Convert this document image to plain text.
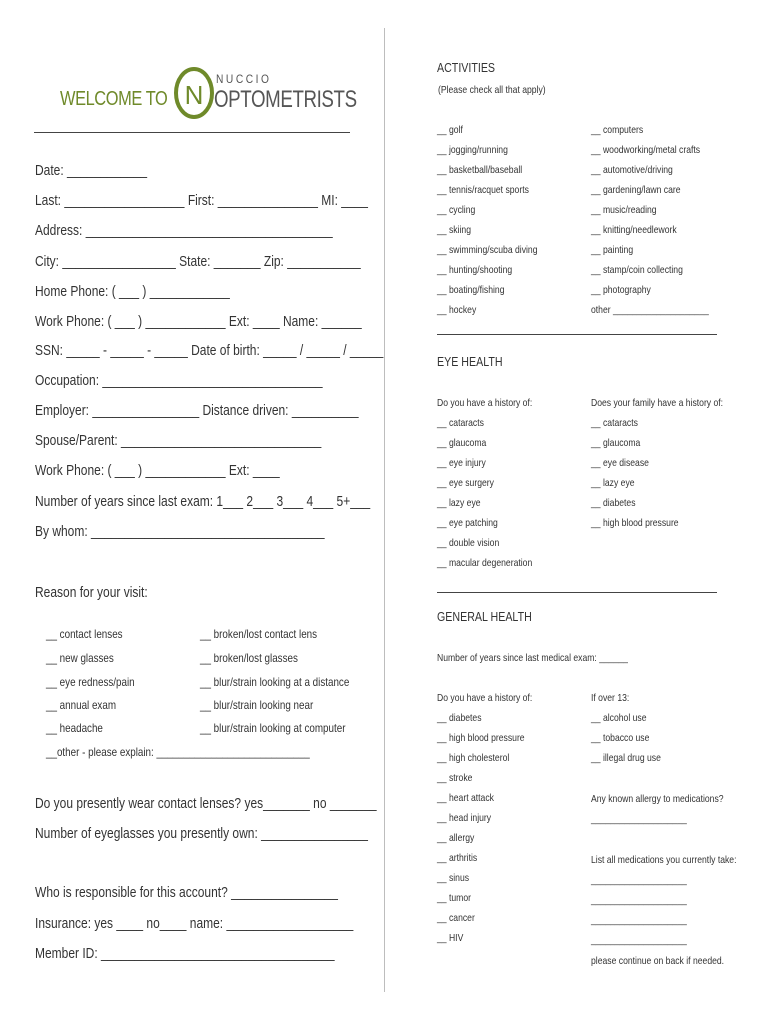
WELCOME TO N
NUCCIO
OPTOMETRISTS
Date: ____________
Last: __________________ First: _______________ MI: ____
Address: _____________________________________
City: _________________ State: _______ Zip: ___________
Home Phone: ( ___ ) ____________
Work Phone: ( ___ ) ____________ Ext: ____ Name: ______
SSN: _____ - _____ - _____ Date of birth: _____ / _____ / _____
Occupation: _________________________________
Employer: ________________ Distance driven: __________
Spouse/Parent: ______________________________
Work Phone: ( ___ ) ____________ Ext: ____
Number of years since last exam: 1___ 2___ 3___ 4___ 5+___
By whom: ___________________________________
Reason for your visit:
__ contact lenses
__ new glasses
__ eye redness/pain
__ annual exam
__ headache
__ broken/lost contact lens
__ broken/lost glasses
__ blur/strain looking at a distance
__ blur/strain looking near
__ blur/strain looking at computer
__other - please explain: ____________________________
Do you presently wear contact lenses? yes_______ no _______
Number of eyeglasses you presently own: ________________
Who is responsible for this account? ________________
Insurance: yes ____ no____ name: ___________________
Member ID: ___________________________________
ACTIVITIES
(Please check all that apply)
__ golf
__ jogging/running
__ basketball/baseball
__ tennis/racquet sports
__ cycling
__ skiing
__ swimming/scuba diving
__ hunting/shooting
__ boating/fishing
__ hockey
__ computers
__ woodworking/metal crafts
__ automotive/driving
__ gardening/lawn care
__ music/reading
__ knitting/needlework
__ painting
__ stamp/coin collecting
__ photography
other ____________________
EYE HEALTH
Do you have a history of:	Does your family have a history of:
__ cataracts
__ glaucoma
__ eye injury
__ eye surgery
__ lazy eye
__ eye patching
__ double vision
__ macular degeneration
__ cataracts
__ glaucoma
__ eye disease
__ lazy eye
__ diabetes
__ high blood pressure
GENERAL HEALTH
Number of years since last medical exam: ______
Do you have a history of:
__ diabetes
__ high blood pressure
__ high cholesterol
__ stroke
__ heart attack
__ head injury
__ allergy
__ arthritis
__ sinus
__ tumor
__ cancer
__ HIV
If over 13:
__ alcohol use
__ tobacco use
__ illegal drug use
Any known allergy to medications?
____________________
List all medications you currently take:
____________________
____________________
____________________
____________________
please continue on back if needed.
